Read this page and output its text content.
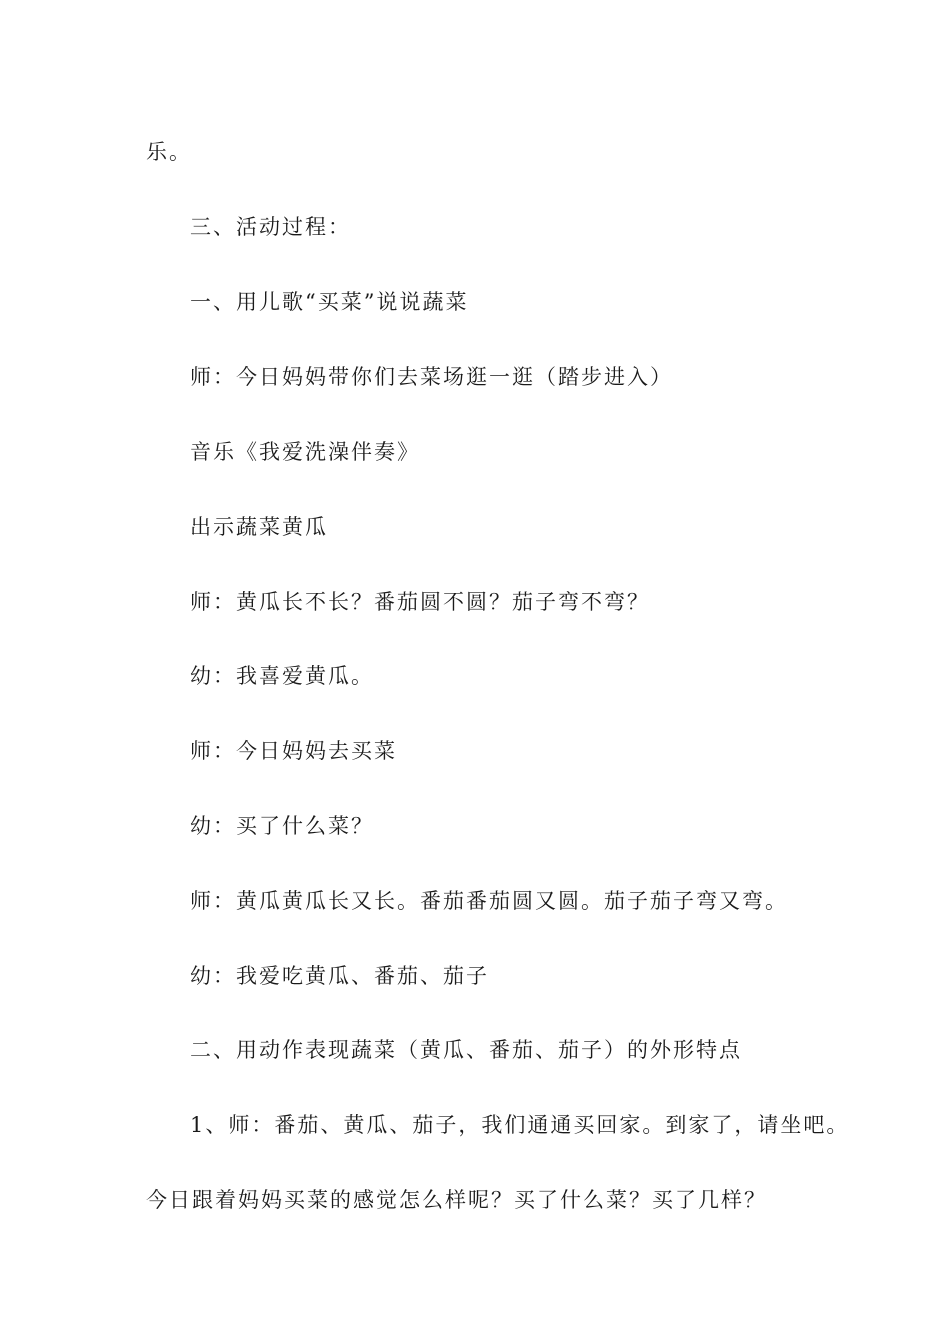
乐。

三、活动过程：

一、用儿歌“买菜”说说蔬菜

师：今日妈妈带你们去菜场逛一逛（踏步进入）

音乐《我爱洗澡伴奏》

出示蔬菜黄瓜

师：黄瓜长不长？番茄圆不圆？茄子弯不弯？

幼：我喜爱黄瓜。

师：今日妈妈去买菜

幼：买了什么菜？

师：黄瓜黄瓜长又长。番茄番茄圆又圆。茄子茄子弯又弯。

幼：我爱吃黄瓜、番茄、茄子

二、用动作表现蔬菜（黄瓜、番茄、茄子）的外形特点

1、师：番茄、黄瓜、茄子，我们通通买回家。到家了，请坐吧。

今日跟着妈妈买菜的感觉怎么样呢？买了什么菜？买了几样？
